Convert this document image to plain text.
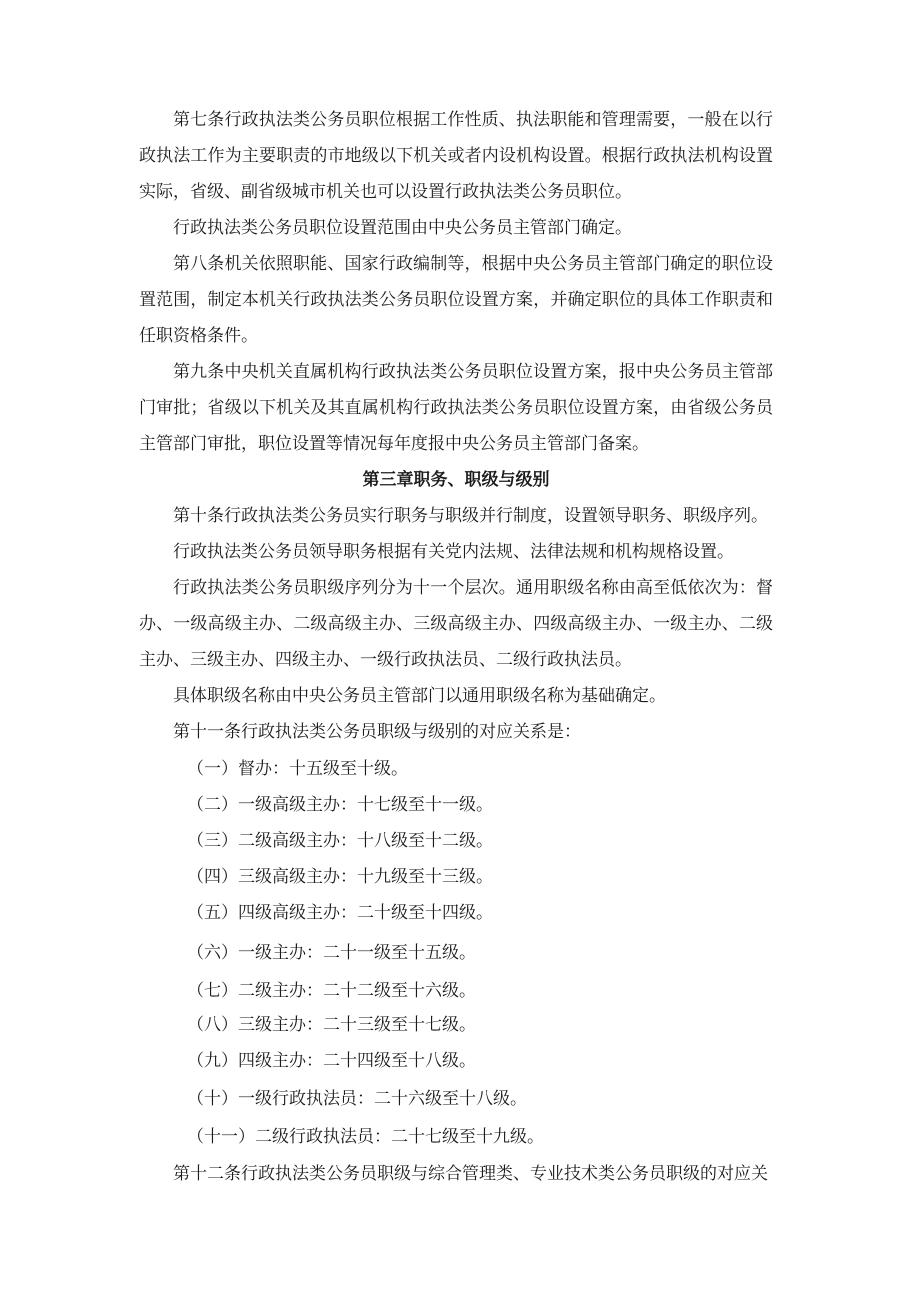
第七条行政执法类公务员职位根据工作性质、执法职能和管理需要，一般在以行政执法工作为主要职责的市地级以下机关或者内设机构设置。根据行政执法机构设置实际，省级、副省级城市机关也可以设置行政执法类公务员职位。

行政执法类公务员职位设置范围由中央公务员主管部门确定。

第八条机关依照职能、国家行政编制等，根据中央公务员主管部门确定的职位设置范围，制定本机关行政执法类公务员职位设置方案，并确定职位的具体工作职责和任职资格条件。

第九条中央机关直属机构行政执法类公务员职位设置方案，报中央公务员主管部门审批；省级以下机关及其直属机构行政执法类公务员职位设置方案，由省级公务员主管部门审批，职位设置等情况每年度报中央公务员主管部门备案。

第三章职务、职级与级别

第十条行政执法类公务员实行职务与职级并行制度，设置领导职务、职级序列。

行政执法类公务员领导职务根据有关党内法规、法律法规和机构规格设置。

行政执法类公务员职级序列分为十一个层次。通用职级名称由高至低依次为：督办、一级高级主办、二级高级主办、三级高级主办、四级高级主办、一级主办、二级主办、三级主办、四级主办、一级行政执法员、二级行政执法员。

具体职级名称由中央公务员主管部门以通用职级名称为基础确定。

第十一条行政执法类公务员职级与级别的对应关系是：

（一）督办：十五级至十级。

（二）一级高级主办：十七级至十一级。

（三）二级高级主办：十八级至十二级。

（四）三级高级主办：十九级至十三级。

（五）四级高级主办：二十级至十四级。

（六）一级主办：二十一级至十五级。

（七）二级主办：二十二级至十六级。

（八）三级主办：二十三级至十七级。

（九）四级主办：二十四级至十八级。

（十）一级行政执法员：二十六级至十八级。

（十一）二级行政执法员：二十七级至十九级。

第十二条行政执法类公务员职级与综合管理类、专业技术类公务员职级的对应关
